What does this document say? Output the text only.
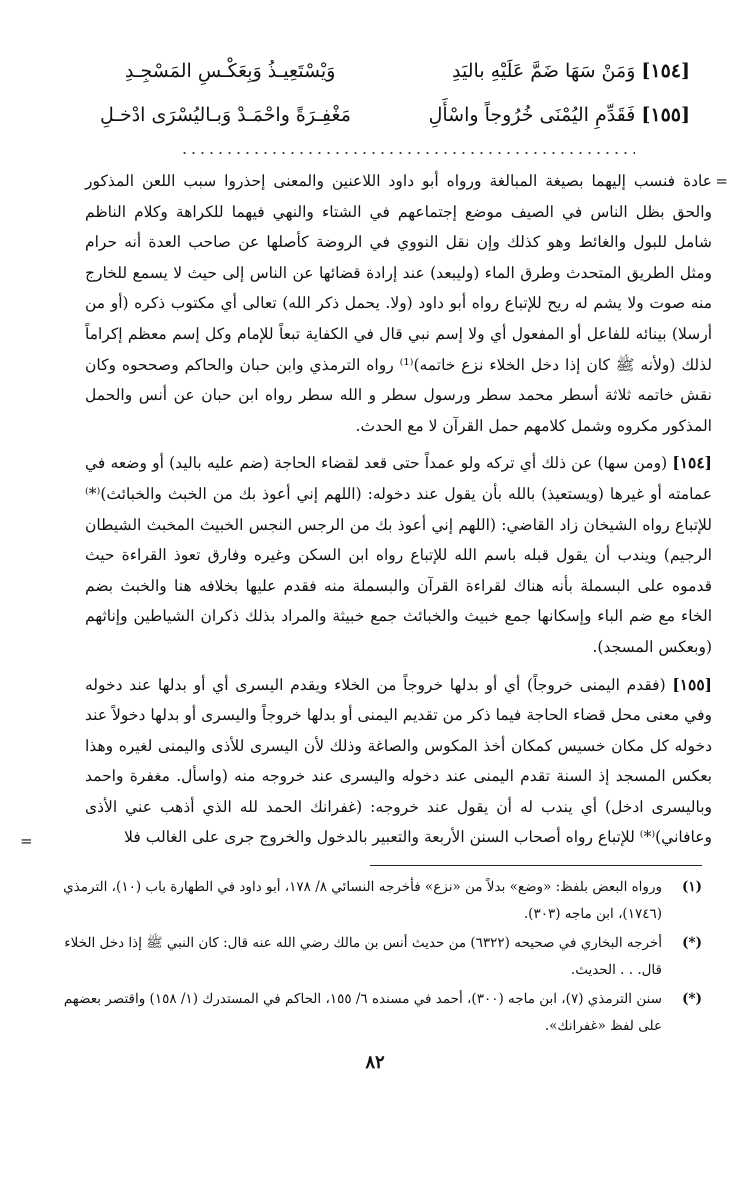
[١٥٤]
وَمَنْ سَهَا ضَمَّ عَلَيْهِ باليَدِ
وَيْسْتَعِيـذُ وَبِعَكْـسِ المَسْجِـدِ
[١٥٥]
فَقَدِّمِ اليُمْنَى خُرُوجاً واسْأَلِ
مَغْفِـرَةً واحْمَـدْ وَبـاليُسْرَى ادْخـلِ
=

عادة فنسب إليهما بصيغة المبالغة ورواه أبو داود اللاعنين والمعنى إحذروا سبب اللعن المذكور والحق بظل الناس في الصيف موضع إجتماعهم في الشتاء والنهي فيهما للكراهة وكلام الناظم شامل للبول والغائط وهو كذلك وإن نقل النووي في الروضة كأصلها عن صاحب العدة أنه حرام ومثل الطريق المتحدث وطرق الماء (وليبعد) عند إرادة قضائها عن الناس إلى حيث لا يسمع للخارج منه صوت ولا يشم له ريح للإتباع رواه أبو داود (ولا. يحمل ذكر الله) تعالى أي مكتوب ذكره (أو من أرسلا) بينائه للفاعل أو المفعول أي ولا إسم نبي قال في الكفاية تبعاً للإمام وكل إسم معظم إكراماً لذلك (ولأنه ﷺ كان إذا دخل الخلاء نزع خاتمه)⁽¹⁾ رواه الترمذي وابن حبان والحاكم وصححوه وكان نقش خاتمه ثلاثة أسطر محمد سطر ورسول سطر و الله سطر رواه ابن حبان عن أنس والحمل المذكور مكروه وشمل كلامهم حمل القرآن لا مع الحدث.

[١٥٤] (ومن سها) عن ذلك أي تركه ولو عمداً حتى قعد لقضاء الحاجة (ضم عليه باليد) أو وضعه في عمامته أو غيرها (ويستعيذ) بالله بأن يقول عند دخوله: (اللهم إني أعوذ بك من الخبث والخبائث)⁽*⁾ للإتباع رواه الشيخان زاد القاضي: (اللهم إني أعوذ بك من الرجس النجس الخبيث المخبث الشيطان الرجيم) ويندب أن يقول قبله باسم الله للإتباع رواه ابن السكن وغيره وفارق تعوذ القراءة حيث قدموه على البسملة بأنه هناك لقراءة القرآن والبسملة منه فقدم عليها بخلافه هنا والخبث بضم الخاء مع ضم الباء وإسكانها جمع خبيث والخبائث جمع خبيثة والمراد بذلك ذكران الشياطين وإناثهم (وبعكس المسجد).

[١٥٥] (فقدم اليمنى خروجاً) أي أو بدلها خروجاً من الخلاء ويقدم اليسرى أي أو بدلها عند دخوله وفي معنى محل قضاء الحاجة فيما ذكر من تقديم اليمنى أو بدلها خروجاً واليسرى أو بدلها دخولاً عند دخوله كل مكان خسيس كمكان أخذ المكوس والصاغة وذلك لأن اليسرى للأذى واليمنى لغيره وهذا بعكس المسجد إذ السنة تقدم اليمنى عند دخوله واليسرى عند خروجه منه (واسأل. مغفرة واحمد وباليسرى ادخل) أي يندب له أن يقول عند خروجه: (غفرانك الحمد لله الذي أذهب عني الأذى وعافاني)⁽*⁾ للإتباع رواه أصحاب السنن الأربعة والتعبير بالدخول والخروج جرى على الغالب فلا

=
(١)
ورواه البعض بلفظ: «وضع» بدلاً من «نزع» فأخرجه النسائي ٨/ ١٧٨، أبو داود في الطهارة باب (١٠)، الترمذي (١٧٤٦)، ابن ماجه (٣٠٣).
(*)
أخرجه البخاري في صحيحه (٦٣٢٢) من حديث أنس بن مالك رضي الله عنه قال: كان النبي ﷺ إذا دخل الخلاء قال. . . الحديث.
(*)
سنن الترمذي (٧)، ابن ماجه (٣٠٠)، أحمد في مسنده ٦/ ١٥٥، الحاكم في المستدرك (١/ ١٥٨) واقتصر بعضهم على لفظ «غفرانك».
٨٢
